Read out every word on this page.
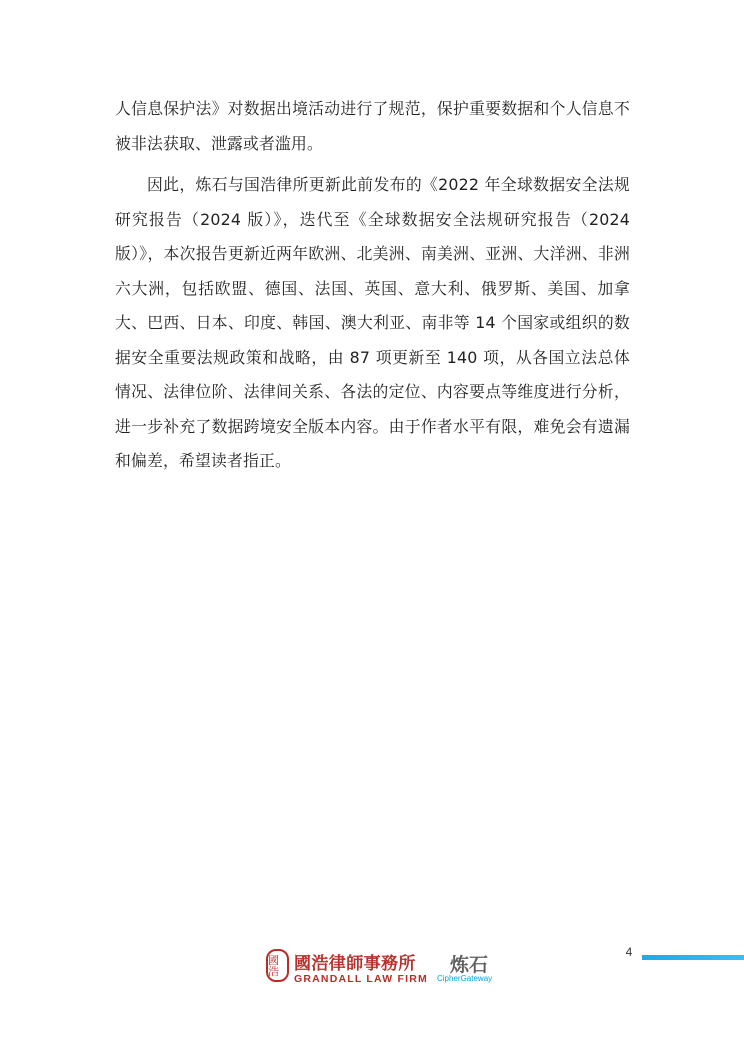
人信息保护法》对数据出境活动进行了规范，保护重要数据和个人信息不被非法获取、泄露或者滥用。

因此，炼石与国浩律所更新此前发布的《2022 年全球数据安全法规研究报告（2024 版）》，迭代至《全球数据安全法规研究报告（2024 版）》，本次报告更新近两年欧洲、北美洲、南美洲、亚洲、大洋洲、非洲六大洲，包括欧盟、德国、法国、英国、意大利、俄罗斯、美国、加拿大、巴西、日本、印度、韩国、澳大利亚、南非等 14 个国家或组织的数据安全重要法规政策和战略，由 87 项更新至 140 项，从各国立法总体情况、法律位阶、法律间关系、各法的定位、内容要点等维度进行分析，进一步补充了数据跨境安全版本内容。由于作者水平有限，难免会有遗漏和偏差，希望读者指正。

國浩 國浩律師事務所
GRANDALL LAW FIRM
炼石
CipherGateway
4
